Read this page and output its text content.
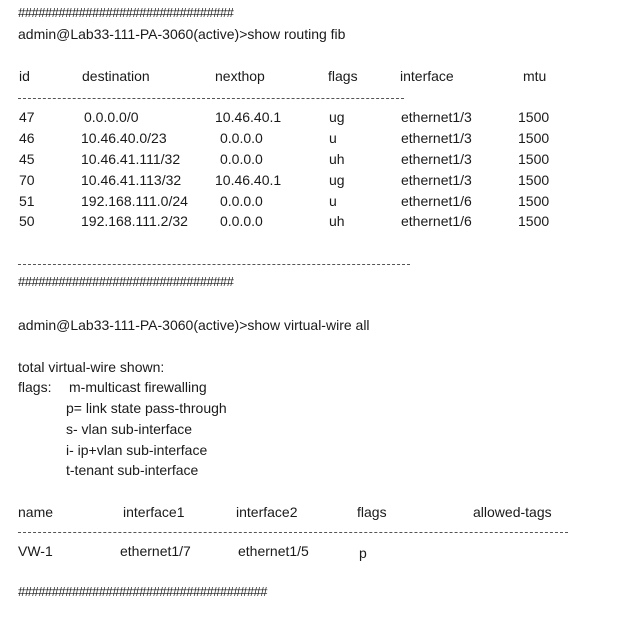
################################
admin@Lab33-111-PA-3060(active)>show routing fib
id	destination	nexthop	flags	interface	mtu
47	0.0.0.0/0	10.46.40.1	ug	ethernet1/3	1500
46	10.46.40.0/23	0.0.0.0	u	ethernet1/3	1500
45	10.46.41.111/32	0.0.0.0	uh	ethernet1/3	1500
70	10.46.41.113/32 10.46.40.1	ug	ethernet1/3	1500
51	192.168.111.0/24 0.0.0.0	u	ethernet1/6	1500
50	192.168.111.2/32 0.0.0.0	uh	ethernet1/6	1500
################################
admin@Lab33-111-PA-3060(active)>show virtual-wire all
total virtual-wire shown:
flags: m-multicast firewalling
p= link state pass-through
s- vlan sub-interface
i- ip+vlan sub-interface
t-tenant sub-interface
name	interface1	interface2	flags	allowed-tags
VW-1	ethernet1/7	ethernet1/5	p
#####################################
